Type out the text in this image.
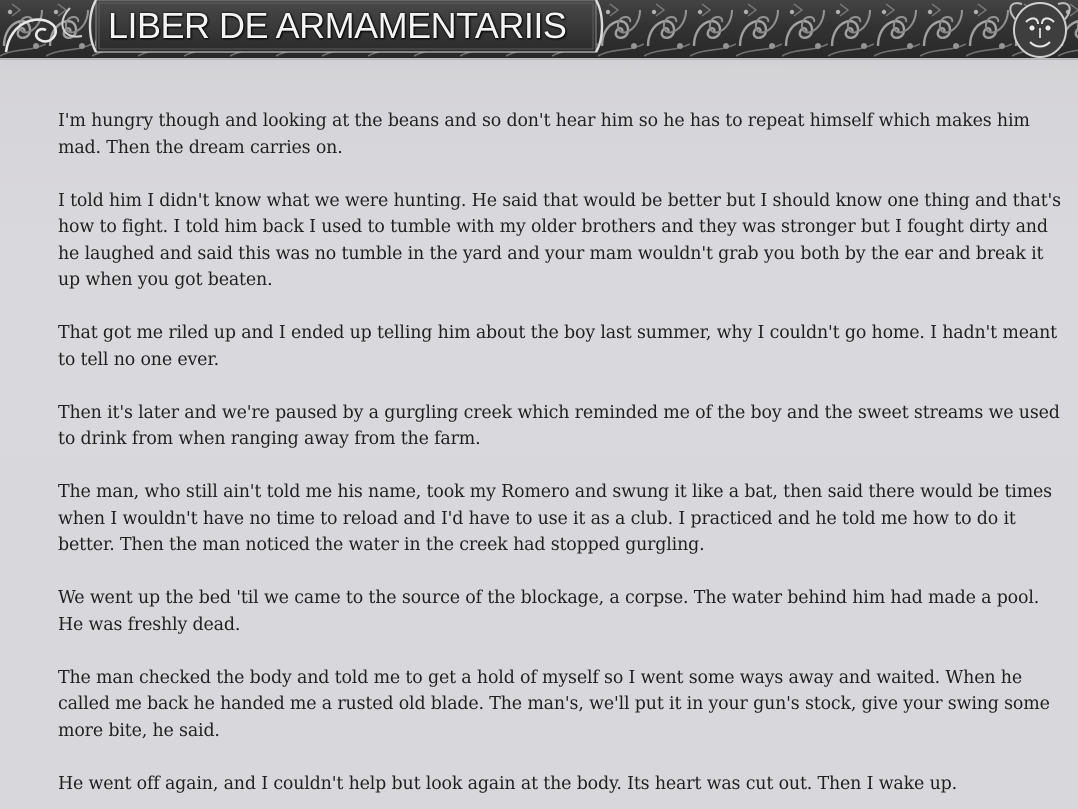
LIBER DE ARMAMENTARIIS

I'm hungry though and looking at the beans and so don't hear him so he has to repeat himself which makes him mad. Then the dream carries on.

I told him I didn't know what we were hunting. He said that would be better but I should know one thing and that's how to fight. I told him back I used to tumble with my older brothers and they was stronger but I fought dirty and he laughed and said this was no tumble in the yard and your mam wouldn't grab you both by the ear and break it up when you got beaten.

That got me riled up and I ended up telling him about the boy last summer, why I couldn't go home. I hadn't meant to tell no one ever.

Then it's later and we're paused by a gurgling creek which reminded me of the boy and the sweet streams we used to drink from when ranging away from the farm.

The man, who still ain't told me his name, took my Romero and swung it like a bat, then said there would be times when I wouldn't have no time to reload and I'd have to use it as a club. I practiced and he told me how to do it better. Then the man noticed the water in the creek had stopped gurgling.

We went up the bed 'til we came to the source of the blockage, a corpse. The water behind him had made a pool. He was freshly dead.

The man checked the body and told me to get a hold of myself so I went some ways away and waited. When he called me back he handed me a rusted old blade. The man's, we'll put it in your gun's stock, give your swing some more bite, he said.

He went off again, and I couldn't help but look again at the body. Its heart was cut out. Then I wake up.
